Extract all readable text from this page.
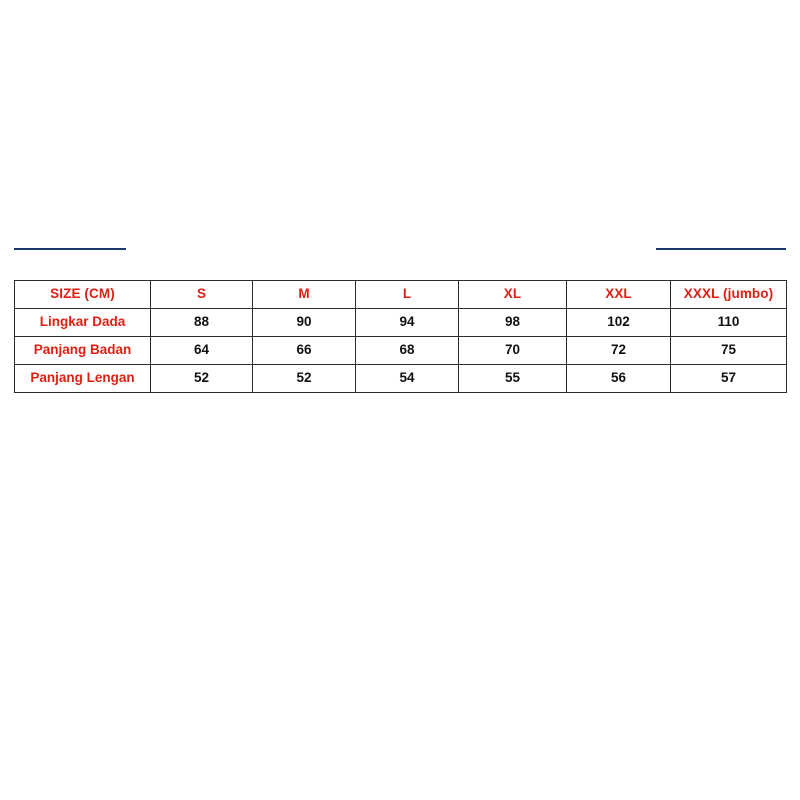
SIZE (CM)	S	M	L	XL	XXL	XXXL (jumbo)
Lingkar Dada	88	90	94	98	102	110
Panjang Badan	64	66	68	70	72	75
Panjang Lengan	52	52	54	55	56	57
